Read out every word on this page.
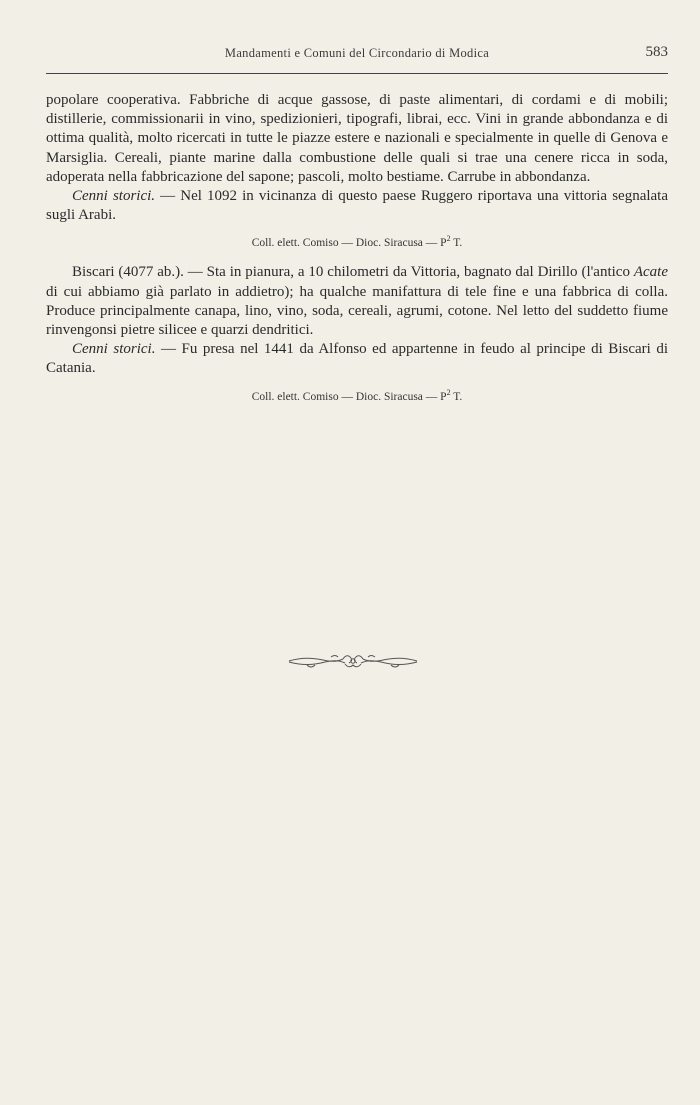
Mandamenti e Comuni del Circondario di Modica	583

popolare cooperativa. Fabbriche di acque gassose, di paste alimentari, di cordami e di mobili; distillerie, commissionarii in vino, spedizionieri, tipografi, librai, ecc. Vini in grande abbondanza e di ottima qualità, molto ricercati in tutte le piazze estere e nazionali e specialmente in quelle di Genova e Marsiglia. Cereali, piante marine dalla combustione delle quali si trae una cenere ricca in soda, adoperata nella fabbricazione del sapone; pascoli, molto bestiame. Carrube in abbondanza.

Cenni storici. — Nel 1092 in vicinanza di questo paese Ruggero riportava una vittoria segnalata sugli Arabi.

Coll. elett. Comiso — Dioc. Siracusa — $P^2$ T.

Biscari (4077 ab.). — Sta in pianura, a 10 chilometri da Vittoria, bagnato dal Dirillo (l'antico Acate di cui abbiamo già parlato in addietro); ha qualche manifattura di tele fine e una fabbrica di colla. Produce principalmente canapa, lino, vino, soda, cereali, agrumi, cotone. Nel letto del suddetto fiume rinvengonsi pietre silicee e quarzi dendritici.

Cenni storici. — Fu presa nel 1441 da Alfonso ed appartenne in feudo al principe di Biscari di Catania.

Coll. elett. Comiso — Dioc. Siracusa — $P^2$ T.
